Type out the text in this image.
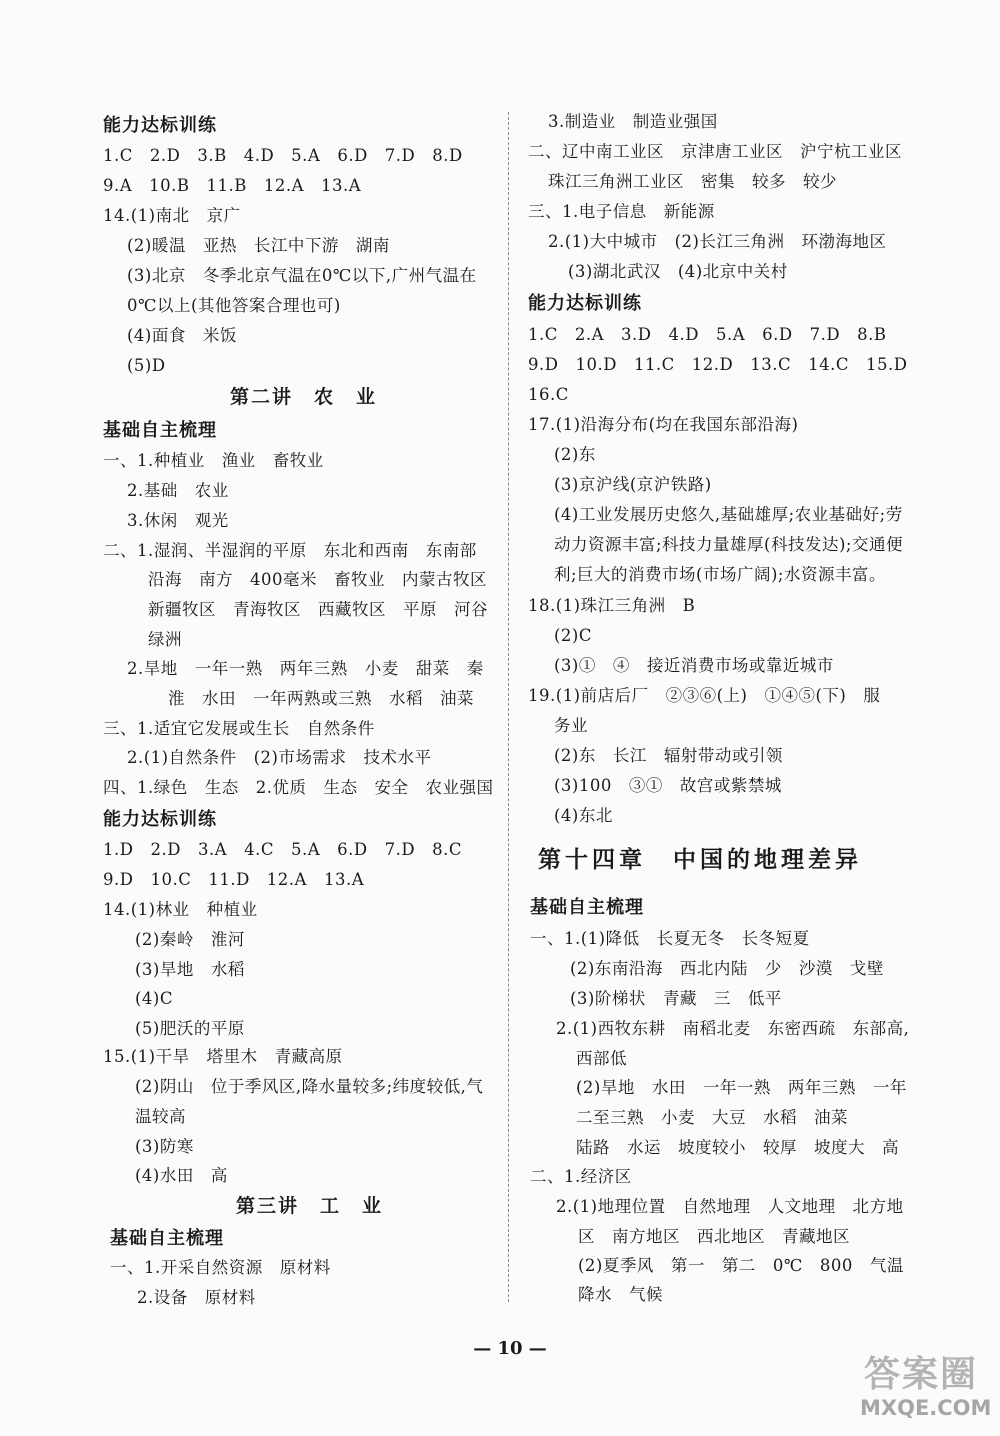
能力达标训练
1.C　2.D　3.B　4.D　5.A　6.D　7.D　8.D
9.A　10.B　11.B　12.A　13.A
14.(1)南北　京广
(2)暖温　亚热　长江中下游　湖南
(3)北京　冬季北京气温在0℃以下,广州气温在
0℃以上(其他答案合理也可)
(4)面食　米饭
(5)D
第二讲　农　业
基础自主梳理
一、1.种植业　渔业　畜牧业
2.基础　农业
3.休闲　观光
二、1.湿润、半湿润的平原　东北和西南　东南部
沿海　南方　400毫米　畜牧业　内蒙古牧区
新疆牧区　青海牧区　西藏牧区　平原　河谷
绿洲
2.旱地　一年一熟　两年三熟　小麦　甜菜　秦
淮　水田　一年两熟或三熟　水稻　油菜
三、1.适宜它发展或生长　自然条件
2.(1)自然条件　(2)市场需求　技术水平
四、1.绿色　生态　2.优质　生态　安全　农业强国
能力达标训练
1.D　2.D　3.A　4.C　5.A　6.D　7.D　8.C
9.D　10.C　11.D　12.A　13.A
14.(1)林业　种植业
(2)秦岭　淮河
(3)旱地　水稻
(4)C
(5)肥沃的平原
15.(1)干旱　塔里木　青藏高原
(2)阴山　位于季风区,降水量较多;纬度较低,气
温较高
(3)防寒
(4)水田　高
第三讲　工　业
基础自主梳理
一、1.开采自然资源　原材料
2.设备　原材料
3.制造业　制造业强国
二、辽中南工业区　京津唐工业区　沪宁杭工业区
珠江三角洲工业区　密集　较多　较少
三、1.电子信息　新能源
2.(1)大中城市　(2)长江三角洲　环渤海地区
(3)湖北武汉　(4)北京中关村
能力达标训练
1.C　2.A　3.D　4.D　5.A　6.D　7.D　8.B
9.D　10.D　11.C　12.D　13.C　14.C　15.D
16.C
17.(1)沿海分布(均在我国东部沿海)
(2)东
(3)京沪线(京沪铁路)
(4)工业发展历史悠久,基础雄厚;农业基础好;劳
动力资源丰富;科技力量雄厚(科技发达);交通便
利;巨大的消费市场(市场广阔);水资源丰富。
18.(1)珠江三角洲　B
(2)C
(3)①　④　接近消费市场或靠近城市
19.(1)前店后厂　②③⑥(上)　①④⑤(下)　服
务业
(2)东　长江　辐射带动或引领
(3)100　③①　故宫或紫禁城
(4)东北
第十四章　中国的地理差异
基础自主梳理
一、1.(1)降低　长夏无冬　长冬短夏
(2)东南沿海　西北内陆　少　沙漠　戈壁
(3)阶梯状　青藏　三　低平
2.(1)西牧东耕　南稻北麦　东密西疏　东部高,
西部低
(2)旱地　水田　一年一熟　两年三熟　一年
二至三熟　小麦　大豆　水稻　油菜
陆路　水运　坡度较小　较厚　坡度大　高
二、1.经济区
2.(1)地理位置　自然地理　人文地理　北方地
区　南方地区　西北地区　青藏地区
(2)夏季风　第一　第二　0℃　800　气温
降水　气候
— 10 —
答案圈
MXQE.COM
